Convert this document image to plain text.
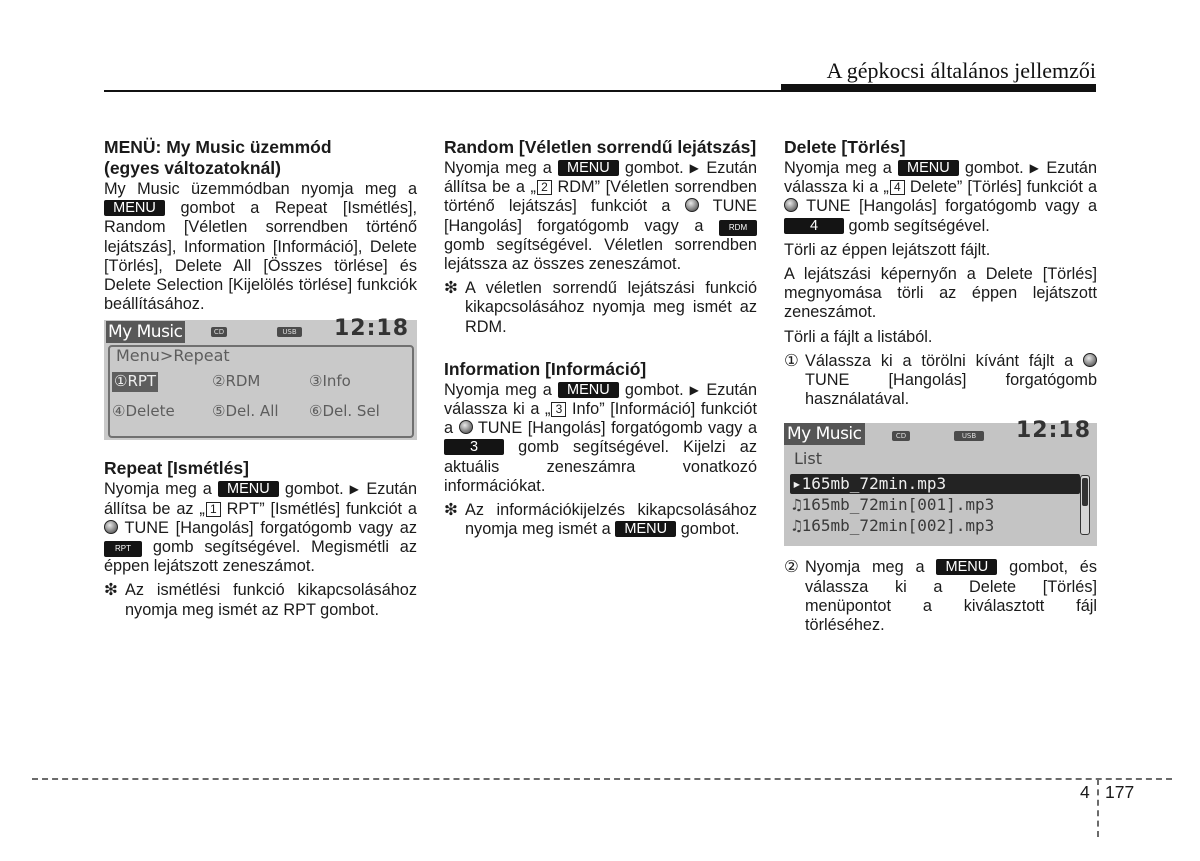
A gépkocsi általános jellemzői
MENÜ: My Music üzemmód
(egyes változatoknál)
My Music üzemmódban nyomja meg a MENU gombot a Repeat [Ismétlés], Random [Véletlen sorrendben történő lejátszás], Information [Információ], Delete [Törlés], Delete All [Összes törlése] és Delete Selection [Kijelölés törlése] funkciók beállításához.
My Music	CD	USB 12:18
Menu>Repeat
①RPT	②RDM	③Info
④Delete ⑤Del. All ⑥Del. Sel
Repeat [Ismétlés]
Nyomja meg a MENU gombot. ▶ Ezután állítsa be az „ 1 RPT” [Ismétlés] funkciót a  TUNE [Hangolás] forgatógomb vagy az RPT gomb segítségével. Megismétli az éppen lejátszott zeneszámot.
❇ Az ismétlési funkció kikapcsolásához nyomja meg ismét az RPT gombot.
Random [Véletlen sorrendű lejátszás]
Nyomja meg a MENU gombot. ▶ Ezután állítsa be a „ 2 RDM” [Véletlen sorrendben történő lejátszás] funkciót a	TUNE [Hangolás] forgatógomb vagy a	RDM gomb segítségével. Véletlen sorrendben lejátssza az összes zeneszámot.
❇ A véletlen sorrendű lejátszási funkció kikapcsolásához nyomja meg ismét az RDM.
Information [Információ]
Nyomja meg a MENU gombot. ▶ Ezután válassza ki a „ 3 Info” [Információ] funkciót a TUNE [Hangolás] forgatógomb vagy a 3 gomb segítségével. Kijelzi az aktuális zeneszámra vonatkozó információkat.
❇ Az információkijelzés kikapcsolásához nyomja meg ismét a MENU gombot.
Delete [Törlés]
Nyomja meg a MENU gombot. ▶ Ezután válassza ki a „ 4 Delete” [Törlés] funkciót a  TUNE [Hangolás] forgatógomb vagy a 4 gomb segítségével.
Törli az éppen lejátszott fájlt.
A lejátszási képernyőn a Delete [Törlés] megnyomása törli az éppen lejátszott zeneszámot.
Törli a fájlt a listából.
① Válassza ki a törölni kívánt fájlt a  TUNE [Hangolás] forgatógomb használatával.
My Music	CD	USB	12:18
List
▸165mb_72min.mp3
♫165mb_72min[001].mp3
♫165mb_72min[002].mp3
② Nyomja meg a MENU gombot, és válassza ki a Delete [Törlés] menüpontot a kiválasztott fájl törléséhez.
4 177
